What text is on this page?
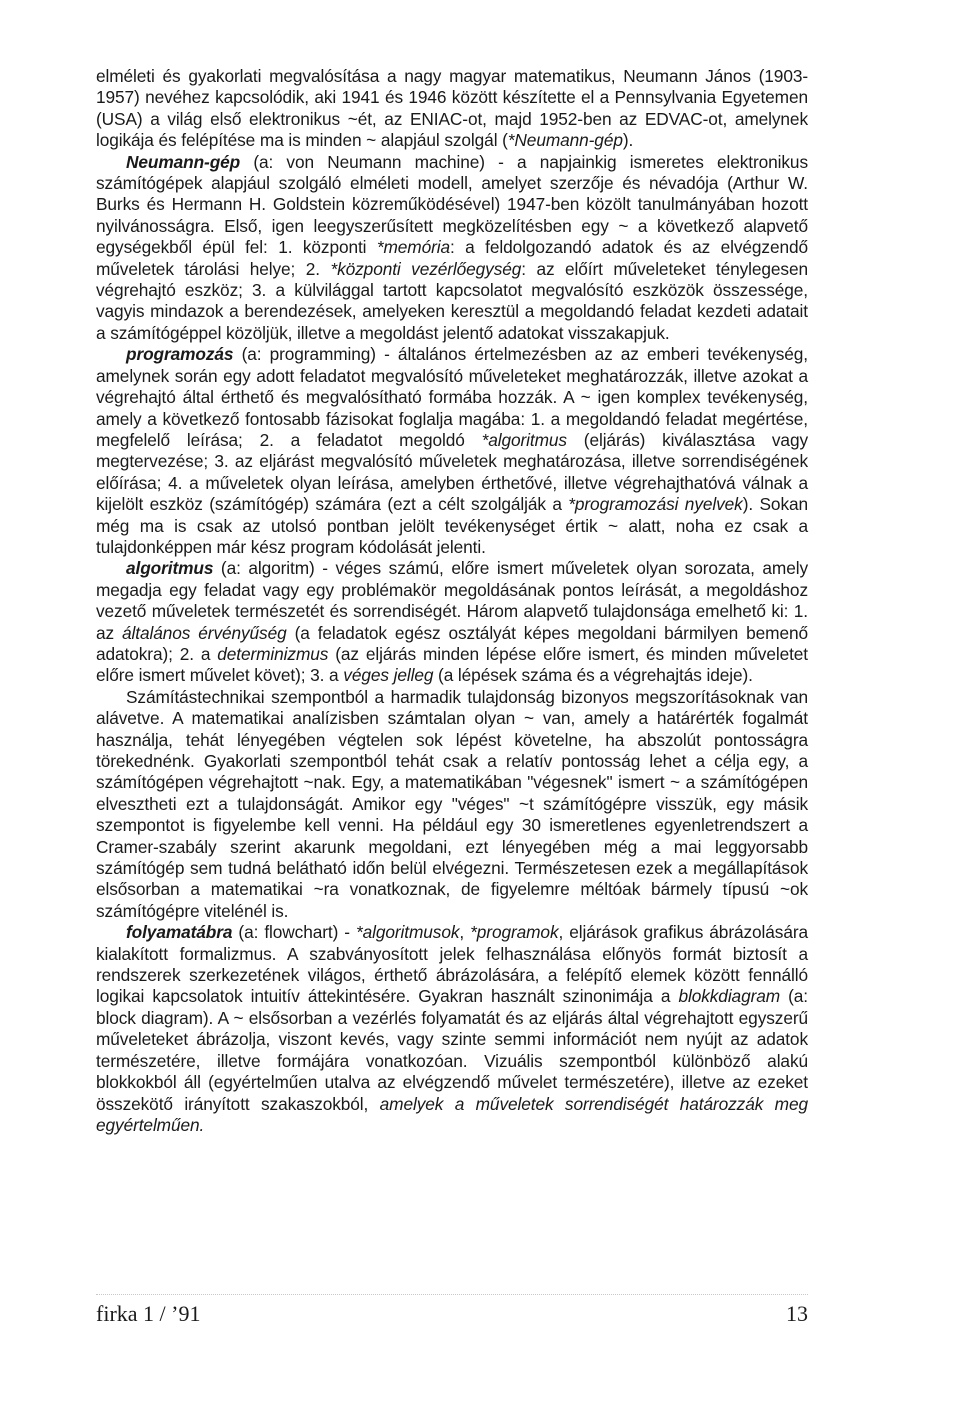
elméleti és gyakorlati megvalósítása a nagy magyar matematikus, Neumann János (1903-1957) nevéhez kapcsolódik, aki 1941 és 1946 között készítette el a Pennsylvania Egyetemen (USA) a világ első elektronikus ~ét, az ENIAC-ot, majd 1952-ben az EDVAC-ot, amelynek logikája és felépítése ma is minden ~ alapjául szolgál (*Neumann-gép).

Neumann-gép (a: von Neumann machine) - a napjainkig ismeretes elektronikus számítógépek alapjául szolgáló elméleti modell, amelyet szerzője és névadója (Arthur W. Burks és Hermann H. Goldstein közreműködésével) 1947-ben közölt tanulmányában hozott nyilvánosságra. Első, igen leegyszerűsített megközelítésben egy ~ a következő alapvető egységekből épül fel: 1. központi *memória: a feldolgozandó adatok és az elvégzendő műveletek tárolási helye; 2. *központi vezérlőegység: az előírt műveleteket ténylegesen végrehajtó eszköz; 3. a külvilággal tartott kapcsolatot megvalósító eszközök összessége, vagyis mindazok a berendezések, amelyeken keresztül a megoldandó feladat kezdeti adatait a számítógéppel közöljük, illetve a megoldást jelentő adatokat visszakapjuk.

programozás (a: programming) - általános értelmezésben az az emberi tevékenység, amelynek során egy adott feladatot megvalósító műveleteket meghatározzák, illetve azokat a végrehajtó által érthető és megvalósítható formába hozzák. A ~ igen komplex tevékenység, amely a következő fontosabb fázisokat foglalja magába: 1. a megoldandó feladat megértése, megfelelő leírása; 2. a feladatot megoldó *algoritmus (eljárás) kiválasztása vagy megtervezése; 3. az eljárást megvalósító műveletek meghatározása, illetve sorrendiségének előírása; 4. a műveletek olyan leírása, amelyben érthetővé, illetve végrehajthatóvá válnak a kijelölt eszköz (számítógép) számára (ezt a célt szolgálják a *programozási nyelvek). Sokan még ma is csak az utolsó pontban jelölt tevékenységet értik ~ alatt, noha ez csak a tulajdonképpen már kész program kódolását jelenti.

algoritmus (a: algoritm) - véges számú, előre ismert műveletek olyan sorozata, amely megadja egy feladat vagy egy problémakör megoldásának pontos leírását, a megoldáshoz vezető műveletek természetét és sorrendiségét. Három alapvető tulajdonsága emelhető ki: 1. az általános érvényűség (a feladatok egész osztályát képes megoldani bármilyen bemenő adatokra); 2. a determinizmus (az eljárás minden lépése előre ismert, és minden műveletet előre ismert művelet követ); 3. a véges jelleg (a lépések száma és a végrehajtás ideje).

Számítástechnikai szempontból a harmadik tulajdonság bizonyos megszorításoknak van alávetve. A matematikai analízisben számtalan olyan ~ van, amely a határérték fogalmát használja, tehát lényegében végtelen sok lépést követelne, ha abszolút pontosságra törekednénk. Gyakorlati szempontból tehát csak a relatív pontosság lehet a célja egy, a számítógépen végrehajtott ~nak. Egy, a matematikában "végesnek" ismert ~ a számítógépen elvesztheti ezt a tulajdonságát. Amikor egy "véges" ~t számítógépre visszük, egy másik szempontot is figyelembe kell venni. Ha például egy 30 ismeretlenes egyenletrendszert a Cramer-szabály szerint akarunk megoldani, ezt lényegében még a mai leggyorsabb számítógép sem tudná belátható időn belül elvégezni. Természetesen ezek a megállapítások elsősorban a matematikai ~ra vonatkoznak, de figyelemre méltóak bármely típusú ~ok számítógépre vitelénél is.

folyamatábra (a: flowchart) - *algoritmusok, *programok, eljárások grafikus ábrázolására kialakított formalizmus. A szabványosított jelek felhasználása előnyös formát biztosít a rendszerek szerkezetének világos, érthető ábrázolására, a felépítő elemek között fennálló logikai kapcsolatok intuitív áttekintésére. Gyakran használt szinonimája a blokkdiagram (a: block diagram). A ~ elsősorban a vezérlés folyamatát és az eljárás által végrehajtott egyszerű műveleteket ábrázolja, viszont kevés, vagy szinte semmi információt nem nyújt az adatok természetére, illetve formájára vonatkozóan. Vizuális szempontból különböző alakú blokkokból áll (egyértelműen utalva az elvégzendő művelet természetére), illetve az ezeket összekötő irányított szakaszokból, amelyek a műveletek sorrendiségét határozzák meg egyértelműen.

firka 1 / ’91	13
